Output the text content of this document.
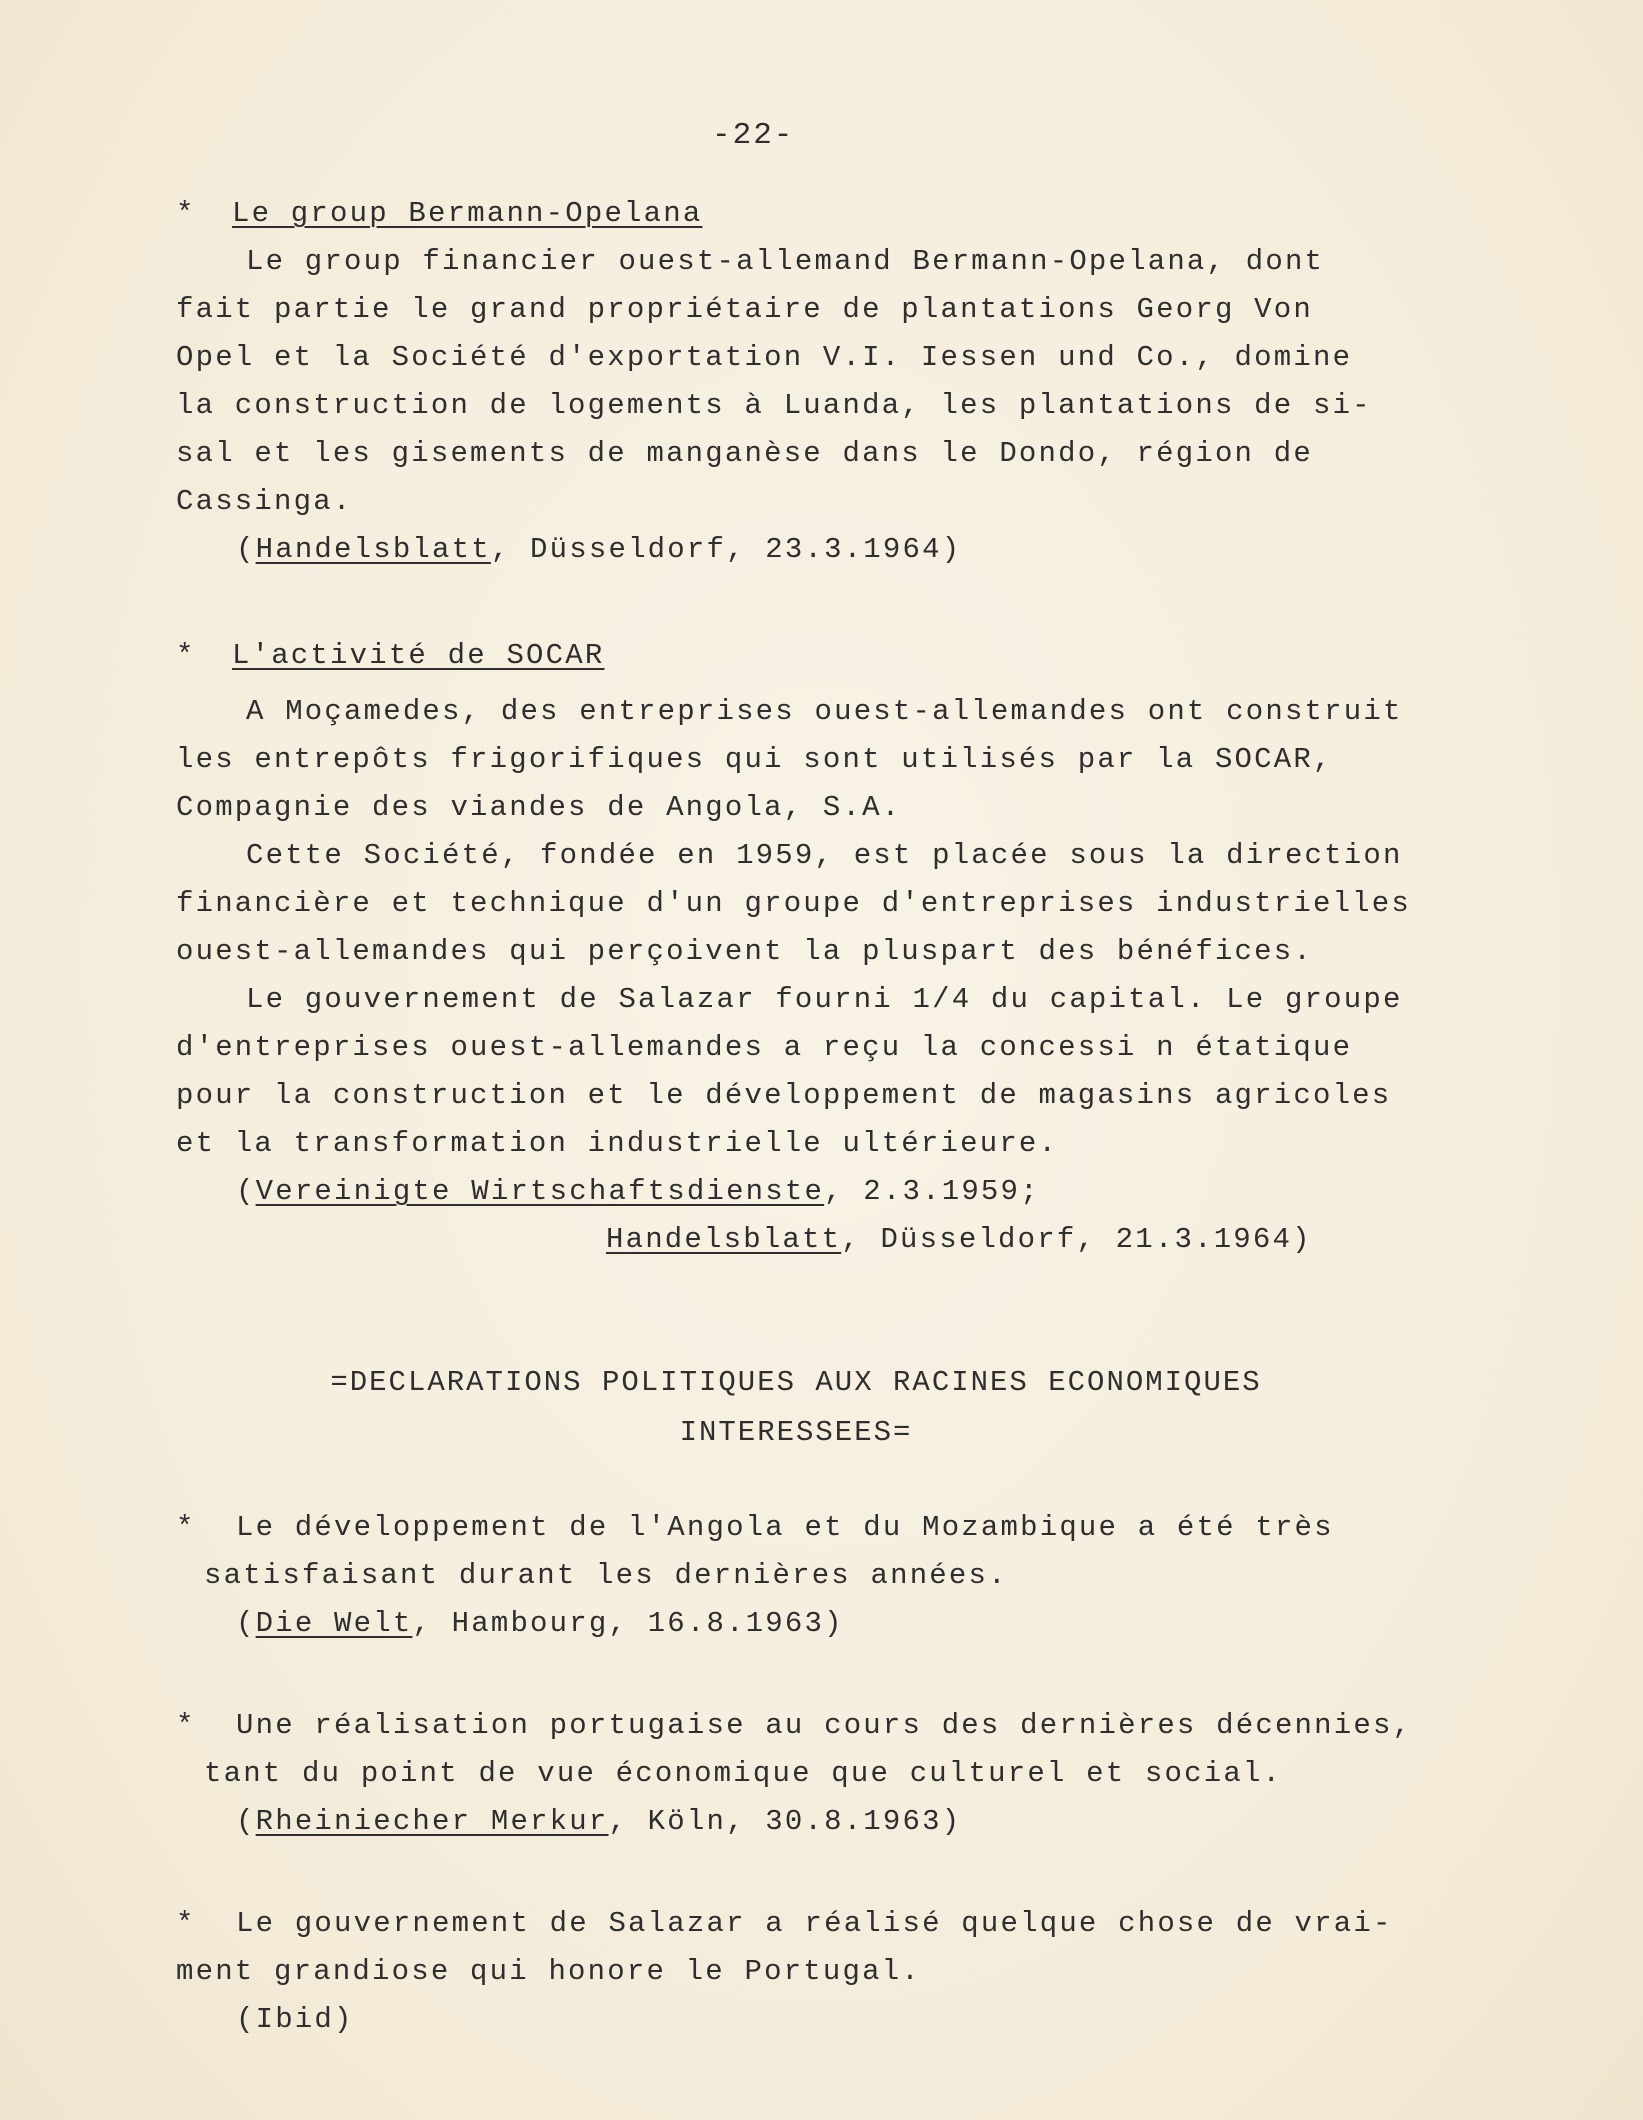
-22-
* Le group Bermann-Opelana
Le group financier ouest-allemand Bermann-Opelana, dont
fait partie le grand propriétaire de plantations Georg Von
Opel et la Société d'exportation V.I. Iessen und Co., domine
la construction de logements à Luanda, les plantations de si-
sal et les gisements de manganèse dans le Dondo, région de
Cassinga.
(Handelsblatt, Düsseldorf, 23.3.1964)
* L'activité de SOCAR
A Moçamedes, des entreprises ouest-allemandes ont construit
les entrepôts frigorifiques qui sont utilisés par la SOCAR,
Compagnie des viandes de Angola, S.A.
Cette Société, fondée en 1959, est placée sous la direction
financière et technique d'un groupe d'entreprises industrielles
ouest-allemandes qui perçoivent la pluspart des bénéfices.
Le gouvernement de Salazar fourni 1/4 du capital. Le groupe
d'entreprises ouest-allemandes a reçu la concessi n étatique
pour la construction et le développement de magasins agricoles
et la transformation industrielle ultérieure.
(Vereinigte Wirtschaftsdienste, 2.3.1959;
Handelsblatt, Düsseldorf, 21.3.1964)
=DECLARATIONS POLITIQUES AUX RACINES ECONOMIQUES
INTERESSEES=
* Le développement de l'Angola et du Mozambique a été très
satisfaisant durant les dernières années.
(Die Welt, Hambourg, 16.8.1963)
* Une réalisation portugaise au cours des dernières décennies,
tant du point de vue économique que culturel et social.
(Rheiniecher Merkur, Köln, 30.8.1963)
* Le gouvernement de Salazar a réalisé quelque chose de vrai-
ment grandiose qui honore le Portugal.
(Ibid)
